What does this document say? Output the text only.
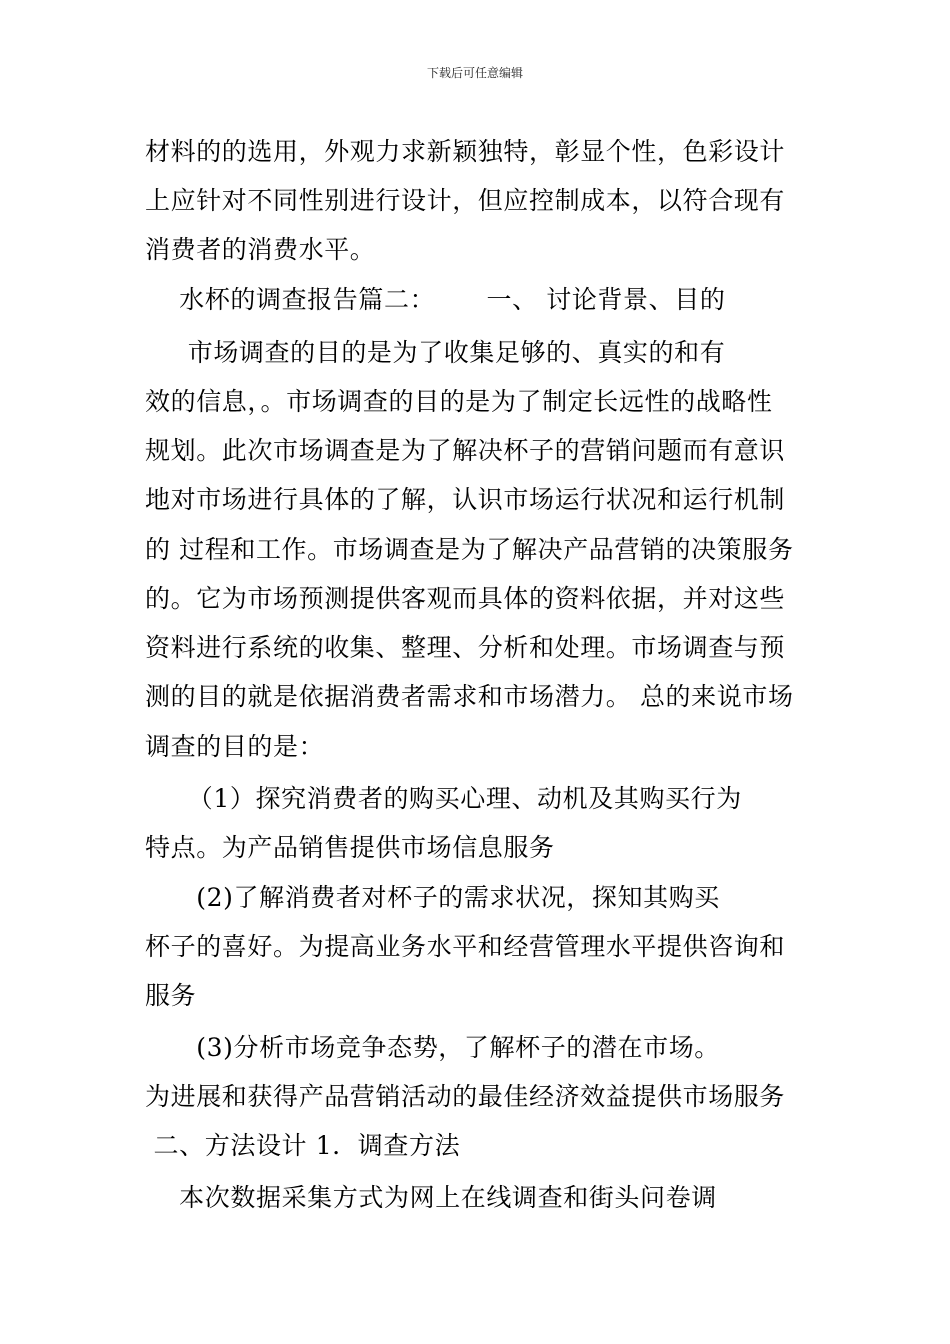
下载后可任意编辑
材料的的选用，外观力求新颖独特，彰显个性，色彩设计
上应针对不同性别进行设计，但应控制成本，以符合现有
消费者的消费水平。
水杯的调查报告篇二：      一、 讨论背景、目的
市场调查的目的是为了收集足够的、真实的和有
效的信息，。市场调查的目的是为了制定长远性的战略性
规划。此次市场调查是为了解决杯子的营销问题而有意识
地对市场进行具体的了解，认识市场运行状况和运行机制
的 过程和工作。市场调查是为了解决产品营销的决策服务
的。它为市场预测提供客观而具体的资料依据，并对这些
资料进行系统的收集、整理、分析和处理。市场调查与预
测的目的就是依据消费者需求和市场潜力。 总的来说市场
调查的目的是：
（1）探究消费者的购买心理、动机及其购买行为
特点。为产品销售提供市场信息服务
(2)了解消费者对杯子的需求状况，探知其购买
杯子的喜好。为提高业务水平和经营管理水平提供咨询和
服务
(3)分析市场竞争态势，了解杯子的潜在市场。
为进展和获得产品营销活动的最佳经济效益提供市场服务
二、方法设计 1．调查方法
本次数据采集方式为网上在线调查和街头问卷调
